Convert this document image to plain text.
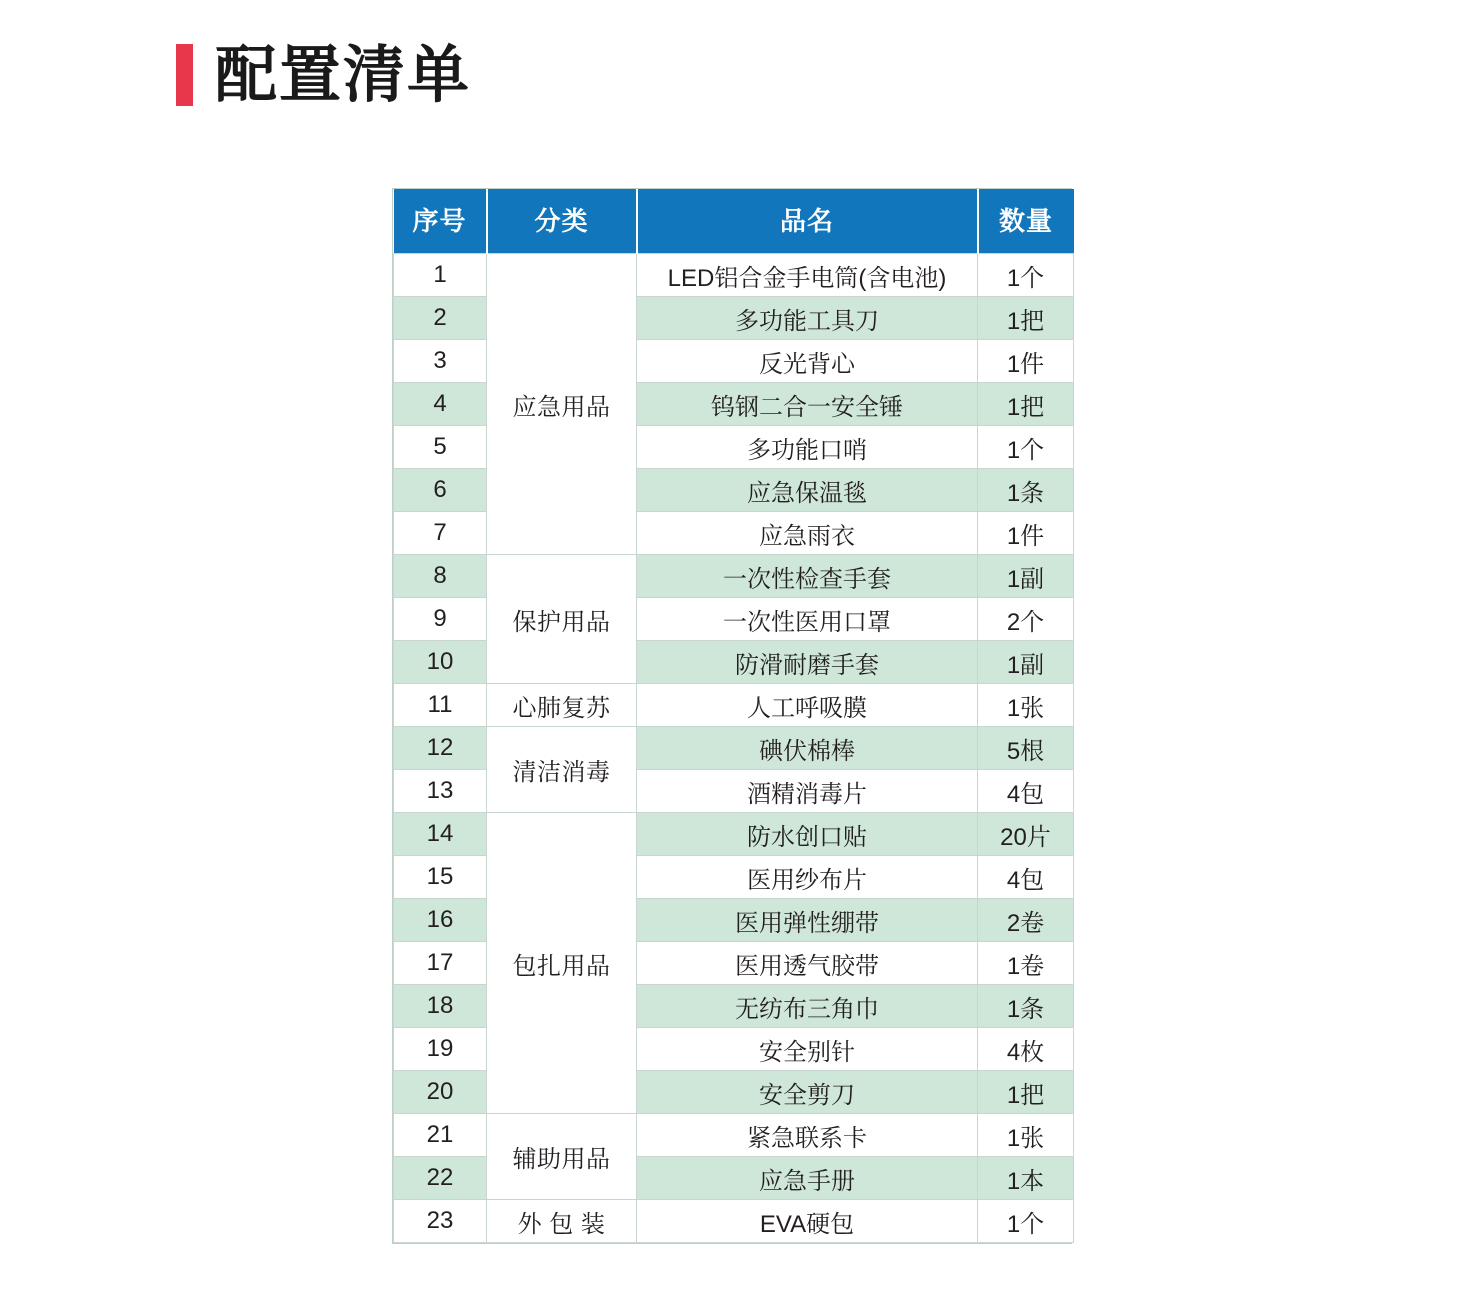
配置清单
序号	分类	品名	数量
1	应急用品	LED铝合金手电筒(含电池)	1个
2		多功能工具刀	1把
3		反光背心	1件
4		钨钢二合一安全锤	1把
5		多功能口哨	1个
6		应急保温毯	1条
7		应急雨衣	1件
8	保护用品	一次性检查手套	1副
9		一次性医用口罩	2个
10		防滑耐磨手套	1副
11	心肺复苏	人工呼吸膜	1张
12	清洁消毒	碘伏棉棒	5根
13		酒精消毒片	4包
14	包扎用品	防水创口贴	20片
15		医用纱布片	4包
16		医用弹性绷带	2卷
17		医用透气胶带	1卷
18		无纺布三角巾	1条
19		安全别针	4枚
20		安全剪刀	1把
21	辅助用品	紧急联系卡	1张
22		应急手册	1本
23	外 包 装	EVA硬包	1个
